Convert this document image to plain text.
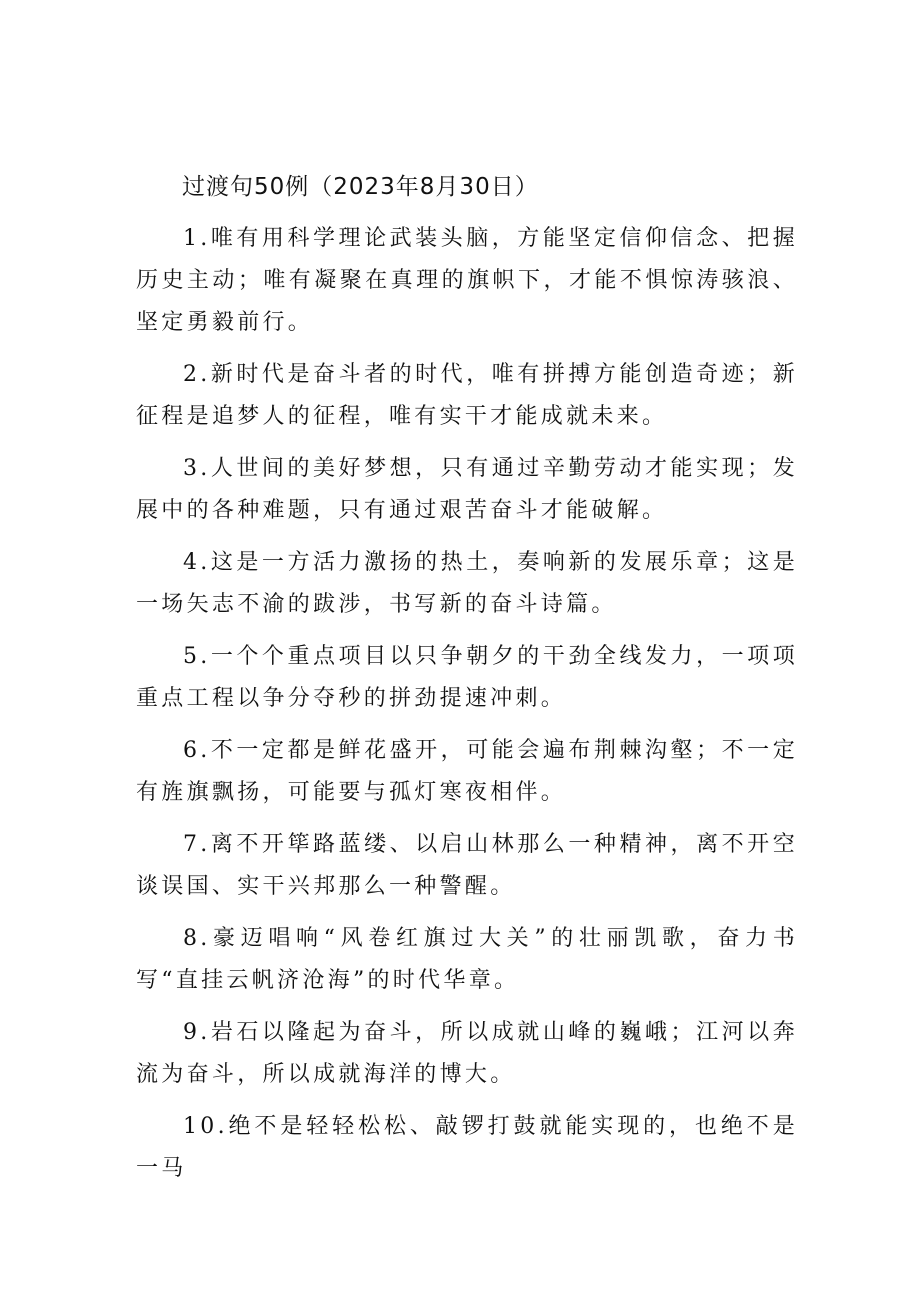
过渡句50例（2023年8月30日）

1.唯有用科学理论武装头脑，方能坚定信仰信念、把握历史主动；唯有凝聚在真理的旗帜下，才能不惧惊涛骇浪、坚定勇毅前行。

2.新时代是奋斗者的时代，唯有拼搏方能创造奇迹；新征程是追梦人的征程，唯有实干才能成就未来。

3.人世间的美好梦想，只有通过辛勤劳动才能实现；发展中的各种难题，只有通过艰苦奋斗才能破解。

4.这是一方活力激扬的热土，奏响新的发展乐章；这是一场矢志不渝的跋涉，书写新的奋斗诗篇。

5.一个个重点项目以只争朝夕的干劲全线发力，一项项重点工程以争分夺秒的拼劲提速冲刺。

6.不一定都是鲜花盛开，可能会遍布荆棘沟壑；不一定有旌旗飘扬，可能要与孤灯寒夜相伴。

7.离不开筚路蓝缕、以启山林那么一种精神，离不开空谈误国、实干兴邦那么一种警醒。

8.豪迈唱响“风卷红旗过大关”的壮丽凯歌，奋力书写“直挂云帆济沧海”的时代华章。

9.岩石以隆起为奋斗，所以成就山峰的巍峨；江河以奔流为奋斗，所以成就海洋的博大。

10.绝不是轻轻松松、敲锣打鼓就能实现的，也绝不是一马
